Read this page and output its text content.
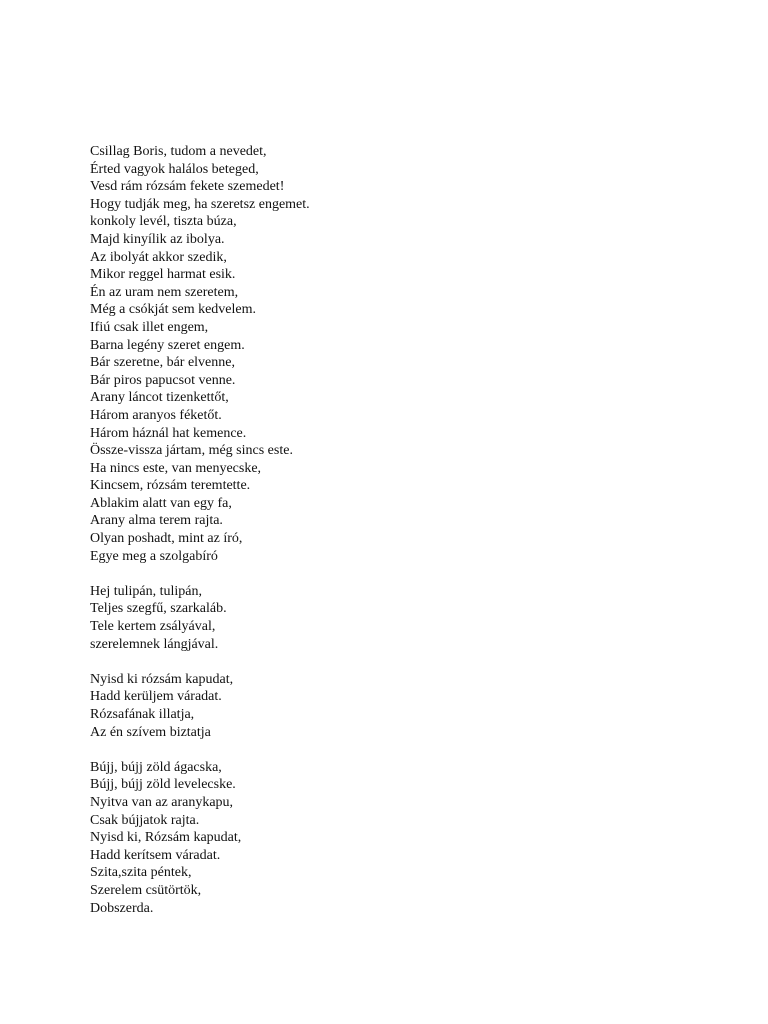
Csillag Boris, tudom a nevedet,
Érted vagyok halálos beteged,
Vesd rám rózsám fekete szemedet!
Hogy tudják meg, ha szeretsz engemet.
konkoly levél, tiszta búza,
Majd kinyílik az ibolya.
Az ibolyát akkor szedik,
Mikor reggel harmat esik.
Én az uram nem szeretem,
Még a csókját sem kedvelem.
Ifiú csak illet engem,
Barna legény szeret engem.
Bár szeretne, bár elvenne,
Bár piros papucsot venne.
Arany láncot tizenkettőt,
Három aranyos féketőt.
Három háznál hat kemence.
Össze-vissza jártam, még sincs este.
Ha nincs este, van menyecske,
Kincsem, rózsám teremtette.
Ablakim alatt van egy fa,
Arany alma terem rajta.
Olyan poshadt, mint az író,
Egye meg a szolgabíró
Hej tulipán, tulipán,
Teljes szegfű, szarkaláb.
Tele kertem zsályával,
szerelemnek lángjával.
Nyisd ki rózsám kapudat,
Hadd kerüljem váradat.
Rózsafának illatja,
Az én szívem biztatja
Bújj, bújj zöld ágacska,
Bújj, bújj zöld levelecske.
Nyitva van az aranykapu,
Csak bújjatok rajta.
Nyisd ki, Rózsám kapudat,
Hadd kerítsem váradat.
Szita,szita péntek,
Szerelem csütörtök,
Dobszerda.
